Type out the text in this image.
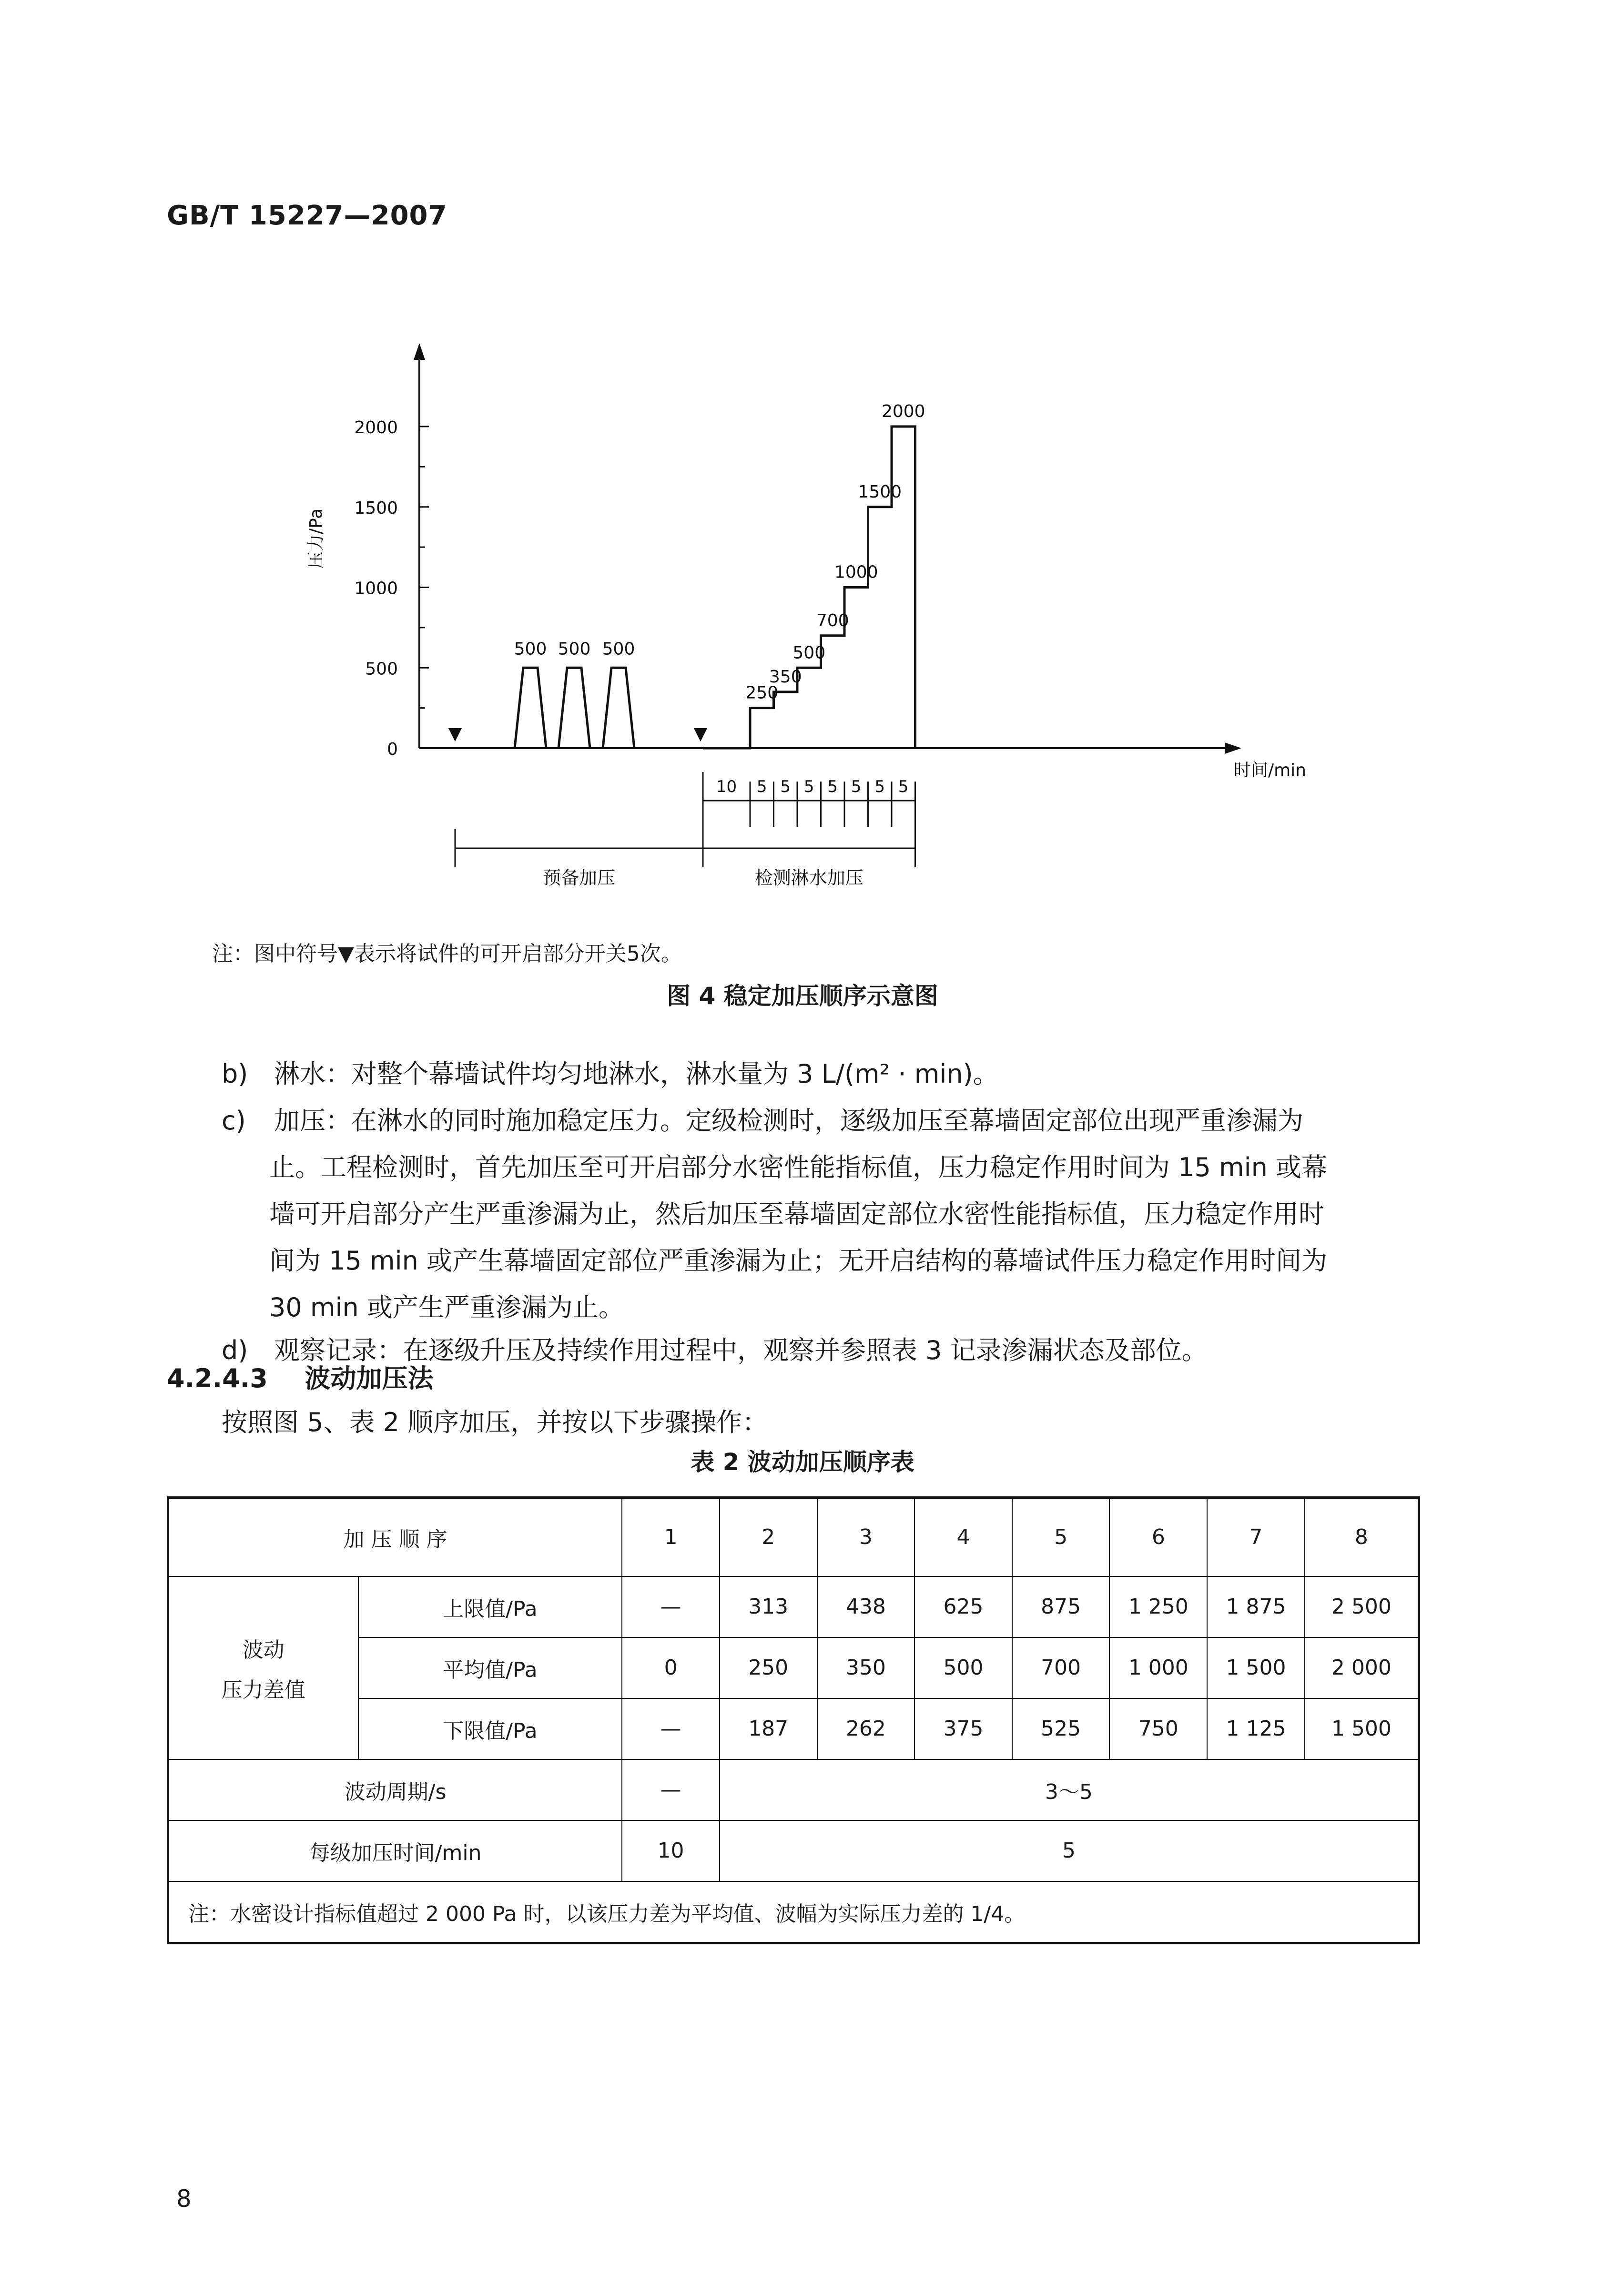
GB/T 15227—2007
0
500
1000
1500
2000
压力/Pa
时间/min
500 500 500
250
350
500
700
1000
1500
2000
10 5 5 5 5 5 5 5
预备加压	检测淋水加压
注：图中符号▼表示将试件的可开启部分开关5次。
图 4 稳定加压顺序示意图
b) 淋水：对整个幕墙试件均匀地淋水，淋水量为 3 L/(m² · min)。
c) 加压：在淋水的同时施加稳定压力。定级检测时，逐级加压至幕墙固定部位出现严重渗漏为
止。工程检测时，首先加压至可开启部分水密性能指标值，压力稳定作用时间为 15 min 或幕
墙可开启部分产生严重渗漏为止，然后加压至幕墙固定部位水密性能指标值，压力稳定作用时
间为 15 min 或产生幕墙固定部位严重渗漏为止；无开启结构的幕墙试件压力稳定作用时间为
30 min 或产生严重渗漏为止。
d) 观察记录：在逐级升压及持续作用过程中，观察并参照表 3 记录渗漏状态及部位。
4.2.4.3 波动加压法
按照图 5、表 2 顺序加压，并按以下步骤操作：
表 2 波动加压顺序表
加 压 顺 序		1	2	3	4	5	6	7	8

波动
压力差值	上限值/Pa	—	313	438	625	875	1 250	1 875	2 500
	平均值/Pa	0	250	350	500	700	1 000	1 500	2 000
	下限值/Pa	—	187	262	375	525	750	1 125	1 500
波动周期/s		—	3～5						
每级加压时间/min		10	5						
注：水密设计指标值超过 2 000 Pa 时，以该压力差为平均值、波幅为实际压力差的 1/4。									
8
